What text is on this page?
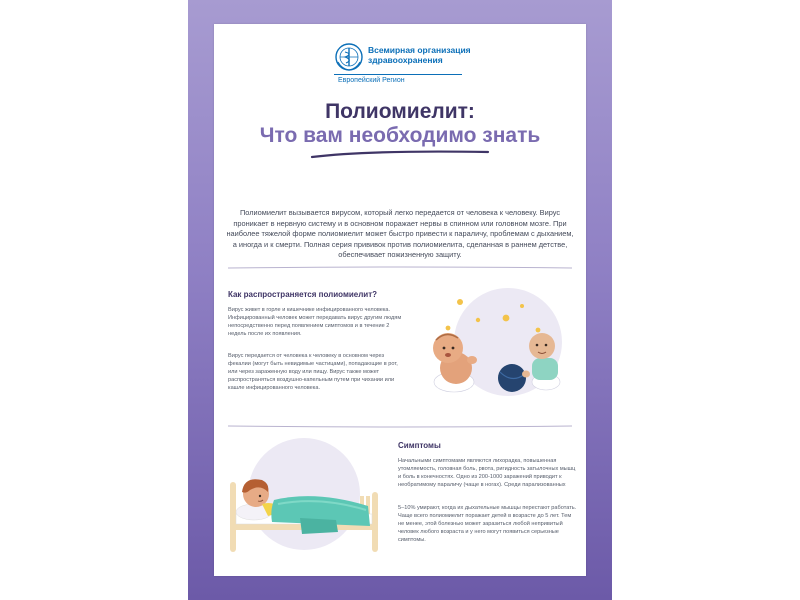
Всемирная организация здравоохранения
Европейский Регион
Полиомиелит:
Что вам необходимо знать
Полиомиелит вызывается вирусом, который легко передается от человека к человеку. Вирус проникает в нервную систему и в основном поражает нервы в спинном или головном мозге. При наиболее тяжелой форме полиомиелит может быстро привести к параличу, проблемам с дыханием, а иногда и к смерти. Полная серия прививок против полиомиелита, сделанная в раннем детстве, обеспечивает пожизненную защиту.
Как распространяется полиомиелит?
Вирус живет в горле и кишечнике инфицированного человека. Инфицированный человек может передавать вирус другим людям непосредственно перед появлением симптомов и в течение 2 недель после их появления.
Вирус передается от человека к человеку в основном через фекалии (могут быть невидимые частицами), попадающие в рот, или через зараженную воду или пищу. Вирус также может распространяться воздушно-капельным путем при чихании или кашле инфицированного человека.
Симптомы
Начальными симптомами являются лихорадка, повышенная утомляемость, головная боль, рвота, ригидность затылочных мышц и боль в конечностях. Одно из 200-1000 заражений приводит к необратимому параличу (чаще в ногах). Среди парализованных
5–10% умирают, когда их дыхательные мышцы перестают работать. Чаще всего полиомиелит поражает детей в возрасте до 5 лет. Тем не менее, этой болезнью может заразиться любой непривитый человек любого возраста и у него могут появиться серьезные симптомы.
